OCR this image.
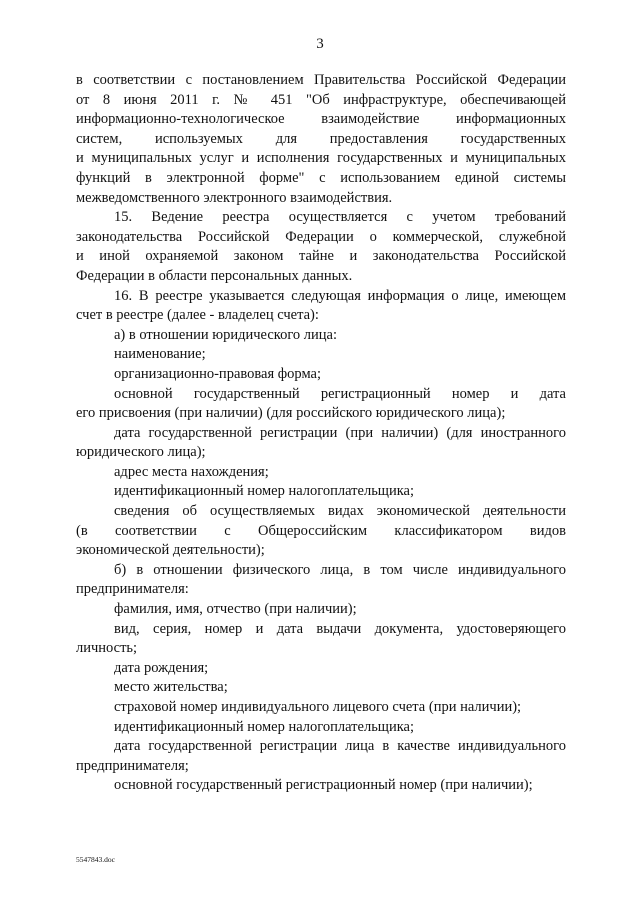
3
в соответствии с постановлением Правительства Российской Федерации
от 8 июня 2011 г. № 451 "Об инфраструктуре, обеспечивающей
информационно-технологическое взаимодействие информационных
систем, используемых для предоставления государственных
и муниципальных услуг и исполнения государственных и муниципальных
функций в электронной форме" с использованием единой системы
межведомственного электронного взаимодействия.
15. Ведение реестра осуществляется с учетом требований
законодательства Российской Федерации о коммерческой, служебной
и иной охраняемой законом тайне и законодательства Российской
Федерации в области персональных данных.
16. В реестре указывается следующая информация о лице, имеющем
счет в реестре (далее - владелец счета):
а) в отношении юридического лица:
наименование;
организационно-правовая форма;
основной государственный регистрационный номер и дата
его присвоения (при наличии) (для российского юридического лица);
дата государственной регистрации (при наличии) (для иностранного
юридического лица);
адрес места нахождения;
идентификационный номер налогоплательщика;
сведения об осуществляемых видах экономической деятельности
(в соответствии с Общероссийским классификатором видов
экономической деятельности);
б) в отношении физического лица, в том числе индивидуального
предпринимателя:
фамилия, имя, отчество (при наличии);
вид, серия, номер и дата выдачи документа, удостоверяющего
личность;
дата рождения;
место жительства;
страховой номер индивидуального лицевого счета (при наличии);
идентификационный номер налогоплательщика;
дата государственной регистрации лица в качестве индивидуального
предпринимателя;
основной государственный регистрационный номер (при наличии);
5547843.doc
